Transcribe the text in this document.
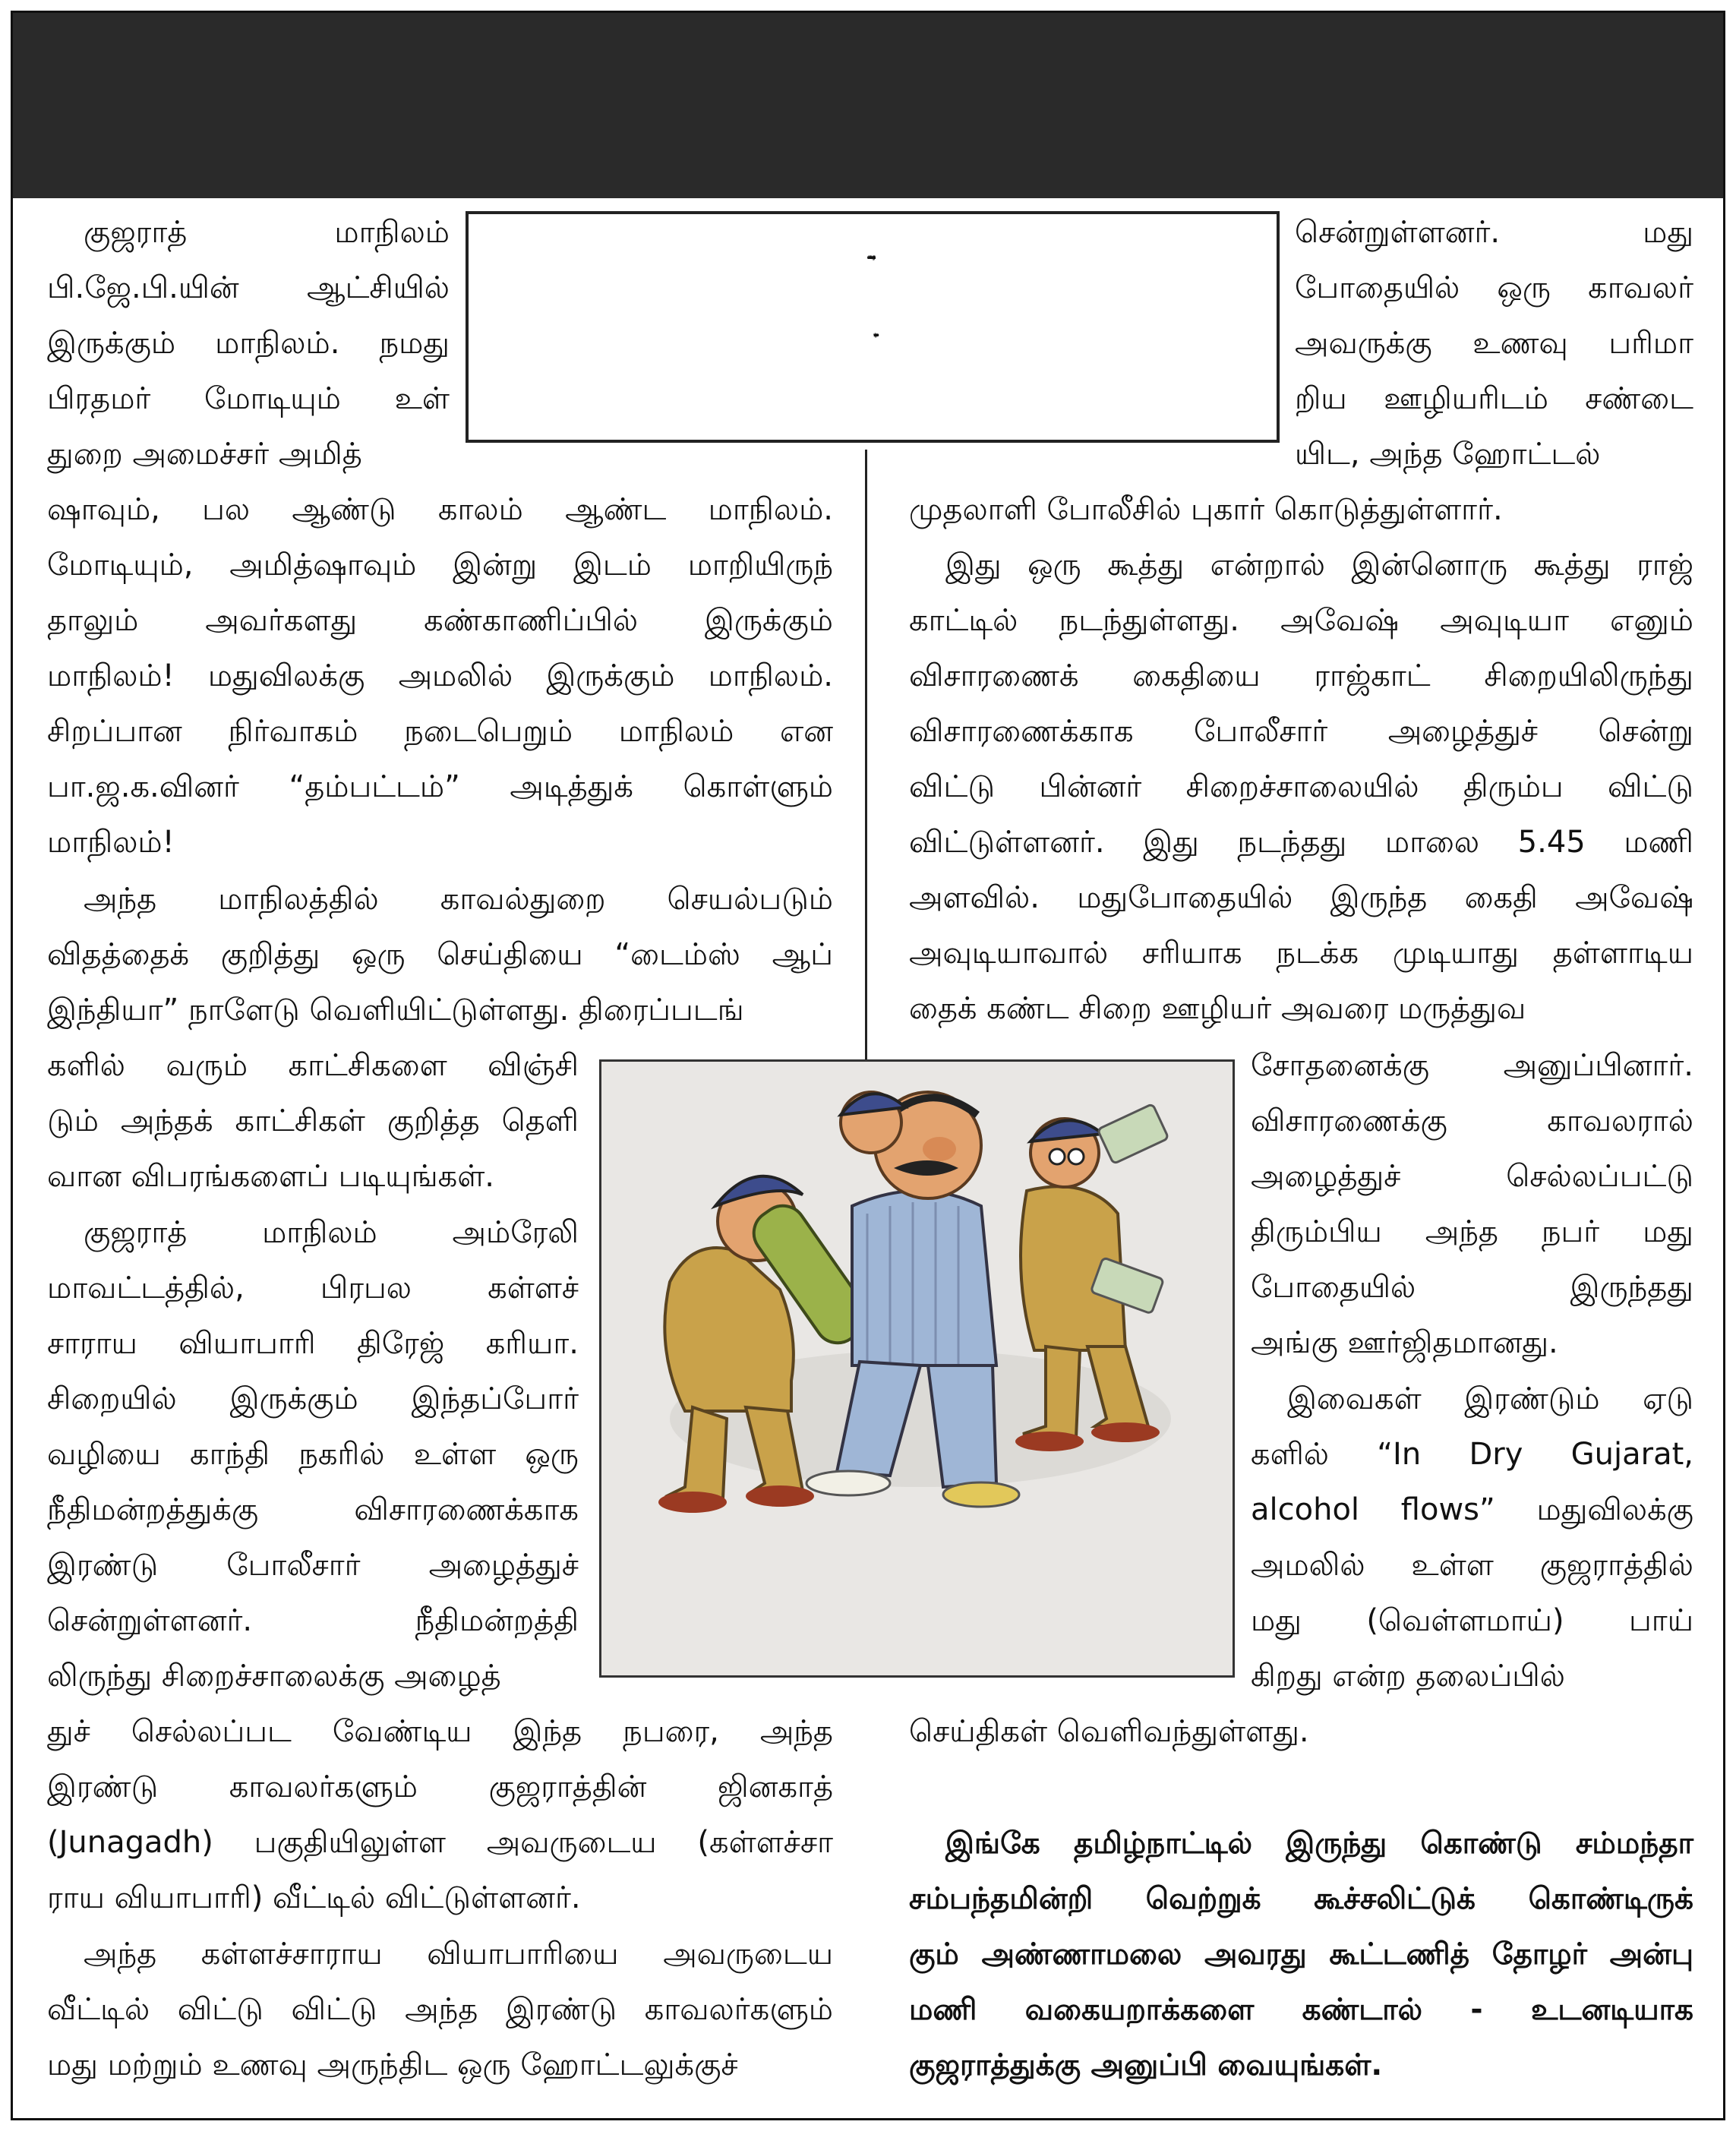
when cops escort prisoners
குஜராத் மாநிலம்
பி.ஜே.பி.யின் ஆட்சியில்
இருக்கும் மாநிலம். நமது
பிரதமர் மோடியும் உள்
துறை அமைச்சர் அமித்
ஷாவும், பல ஆண்டு காலம் ஆண்ட மாநிலம்.
மோடியும், அமித்ஷாவும் இன்று இடம் மாறியிருந்
தாலும் அவர்களது கண்காணிப்பில் இருக்கும்
மாநிலம்! மதுவிலக்கு அமலில் இருக்கும் மாநிலம்.
சிறப்பான நிர்வாகம் நடைபெறும் மாநிலம் என
பா.ஜ.க.வினர் “தம்பட்டம்” அடித்துக் கொள்ளும்
மாநிலம்!
அந்த மாநிலத்தில் காவல்துறை செயல்படும்
விதத்தைக் குறித்து ஒரு செய்தியை “டைம்ஸ் ஆப்
இந்தியா” நாளேடு வெளியிட்டுள்ளது. திரைப்படங்
களில் வரும் காட்சிகளை விஞ்சி
டும் அந்தக் காட்சிகள் குறித்த தெளி
வான விபரங்களைப் படியுங்கள்.
குஜராத் மாநிலம் அம்ரேலி
மாவட்டத்தில், பிரபல கள்ளச்
சாராய வியாபாரி திரேஜ் கரியா.
சிறையில் இருக்கும் இந்தப்போர்
வழியை காந்தி நகரில் உள்ள ஒரு
நீதிமன்றத்துக்கு விசாரணைக்காக
இரண்டு போலீசார் அழைத்துச்
சென்றுள்ளனர். நீதிமன்றத்தி
லிருந்து சிறைச்சாலைக்கு அழைத்
துச் செல்லப்பட வேண்டிய இந்த நபரை, அந்த
இரண்டு காவலர்களும் குஜராத்தின் ஜினகாத்
(Junagadh) பகுதியிலுள்ள அவருடைய (கள்ளச்சா
ராய வியாபாரி) வீட்டில் விட்டுள்ளனர்.
அந்த கள்ளச்சாராய வியாபாரியை அவருடைய
வீட்டில் விட்டு விட்டு அந்த இரண்டு காவலர்களும்
மது மற்றும் உணவு அருந்திட ஒரு ஹோட்டலுக்குச்
சென்றுள்ளனர். மது
போதையில் ஒரு காவலர்
அவருக்கு உணவு பரிமா
றிய ஊழியரிடம் சண்டை
யிட, அந்த ஹோட்டல்
முதலாளி போலீசில் புகார் கொடுத்துள்ளார்.
இது ஒரு கூத்து என்றால் இன்னொரு கூத்து ராஜ்
காட்டில் நடந்துள்ளது. அவேஷ் அவுடியா எனும்
விசாரணைக் கைதியை ராஜ்காட் சிறையிலிருந்து
விசாரணைக்காக போலீசார் அழைத்துச் சென்று
விட்டு பின்னர் சிறைச்சாலையில் திரும்ப விட்டு
விட்டுள்ளனர். இது நடந்தது மாலை 5.45 மணி
அளவில். மதுபோதையில் இருந்த கைதி அவேஷ்
அவுடியாவால் சரியாக நடக்க முடியாது தள்ளாடிய
தைக் கண்ட சிறை ஊழியர் அவரை மருத்துவ
சோதனைக்கு அனுப்பினார்.
விசாரணைக்கு காவலரால்
அழைத்துச் செல்லப்பட்டு
திரும்பிய அந்த நபர் மது
போதையில் இருந்தது
அங்கு ஊர்ஜிதமானது.
இவைகள் இரண்டும் ஏடு
களில் “In Dry Gujarat,
alcohol flows” மதுவிலக்கு
அமலில் உள்ள குஜராத்தில்
மது (வெள்ளமாய்) பாய்
கிறது என்ற தலைப்பில்
செய்திகள் வெளிவந்துள்ளது.
இங்கே தமிழ்நாட்டில் இருந்து கொண்டு சம்மந்தா
சம்பந்தமின்றி வெற்றுக் கூச்சலிட்டுக் கொண்டிருக்
கும் அண்ணாமலை அவரது கூட்டணித் தோழர் அன்பு
மணி வகையறாக்களை கண்டால் - உடனடியாக
குஜராத்துக்கு அனுப்பி வையுங்கள்.
